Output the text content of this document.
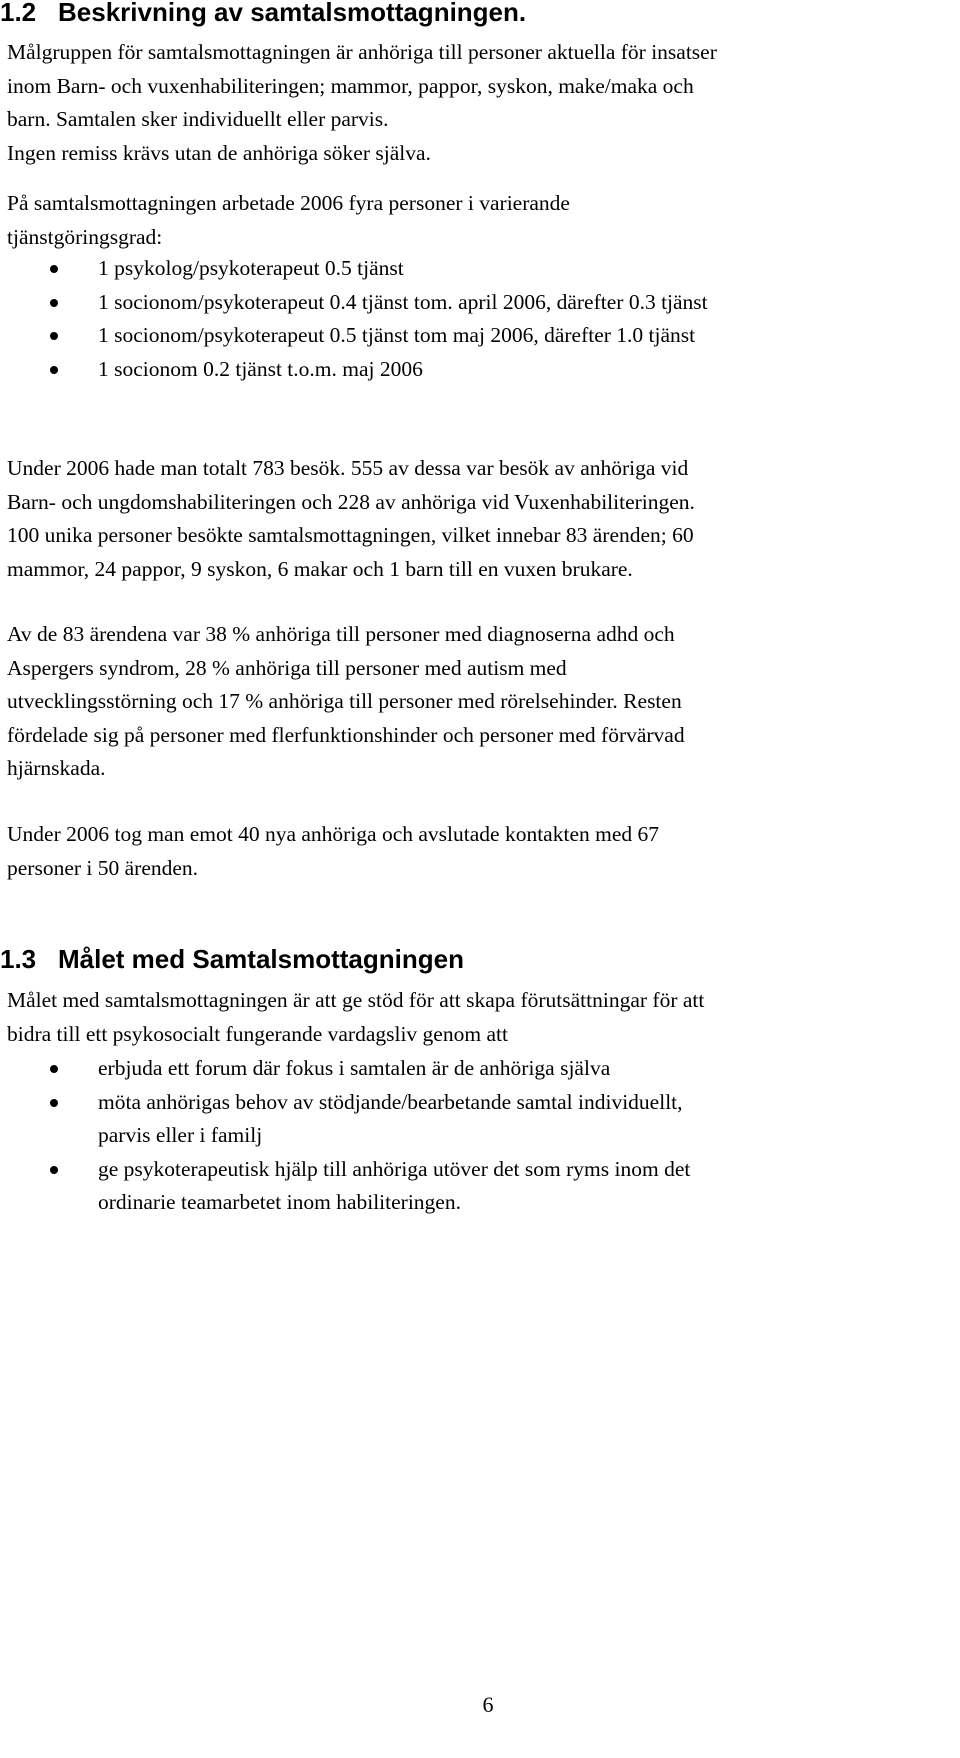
1.2 Beskrivning av samtalsmottagningen.

Målgruppen för samtalsmottagningen är anhöriga till personer aktuella för insatser
inom Barn- och vuxenhabiliteringen; mammor, pappor, syskon, make/maka och
barn. Samtalen sker individuellt eller parvis.
Ingen remiss krävs utan de anhöriga söker själva.

På samtalsmottagningen arbetade 2006 fyra personer i varierande
tjänstgöringsgrad:

1 psykolog/psykoterapeut 0.5 tjänst
1 socionom/psykoterapeut 0.4 tjänst tom. april 2006, därefter 0.3 tjänst
1 socionom/psykoterapeut 0.5 tjänst tom maj 2006, därefter 1.0 tjänst
1 socionom 0.2 tjänst t.o.m. maj 2006

Under 2006 hade man totalt 783 besök. 555 av dessa var besök av anhöriga vid
Barn- och ungdomshabiliteringen och 228 av anhöriga vid Vuxenhabiliteringen.
100 unika personer besökte samtalsmottagningen, vilket innebar 83 ärenden; 60
mammor, 24 pappor, 9 syskon, 6 makar och 1 barn till en vuxen brukare.

Av de 83 ärendena var 38 % anhöriga till personer med diagnoserna adhd och
Aspergers syndrom, 28 % anhöriga till personer med autism med
utvecklingsstörning och 17 % anhöriga till personer med rörelsehinder. Resten
fördelade sig på personer med flerfunktionshinder och personer med förvärvad
hjärnskada.

Under 2006 tog man emot 40 nya anhöriga och avslutade kontakten med 67
personer i 50 ärenden.

1.3 Målet med Samtalsmottagningen

Målet med samtalsmottagningen är att ge stöd för att skapa förutsättningar för att
bidra till ett psykosocialt fungerande vardagsliv genom att

erbjuda ett forum där fokus i samtalen är de anhöriga själva
möta anhörigas behov av stödjande/bearbetande samtal individuellt,
parvis eller i familj
ge psykoterapeutisk hjälp till anhöriga utöver det som ryms inom det
ordinarie teamarbetet inom habiliteringen.
6
